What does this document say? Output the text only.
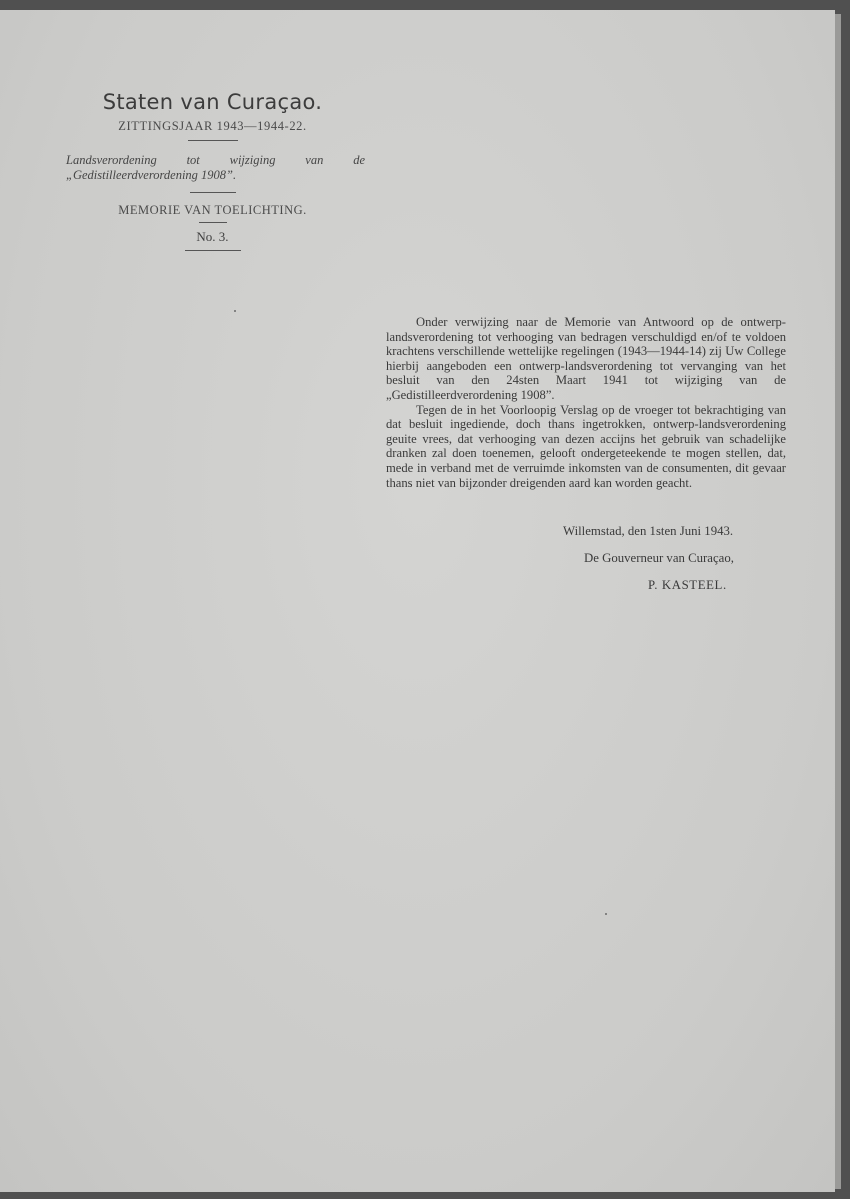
Staten van Curaçao.
ZITTINGSJAAR 1943—1944-22.
Landsverordening tot wijziging van de „Gedistilleerdverordening 1908”.
MEMORIE VAN TOELICHTING.
No. 3.

Onder verwijzing naar de Memorie van Antwoord op de ontwerp-landsverordening tot verhooging van bedragen verschuldigd en/of te voldoen krachtens verschillende wettelijke regelingen (1943—1944-14) zij Uw College hierbij aangeboden een ontwerp-landsverordening tot vervanging van het besluit van den 24sten Maart 1941 tot wijziging van de „Gedistilleerdverordening 1908”.

Tegen de in het Voorloopig Verslag op de vroeger tot bekrachtiging van dat besluit ingediende, doch thans ingetrokken, ontwerp-landsverordening geuite vrees, dat verhooging van dezen accijns het gebruik van schadelijke dranken zal doen toenemen, gelooft ondergeteekende te mogen stellen, dat, mede in verband met de verruimde inkomsten van de consumenten, dit gevaar thans niet van bijzonder dreigenden aard kan worden geacht.

Willemstad, den 1sten Juni 1943.
De Gouverneur van Curaçao,
P. KASTEEL.
